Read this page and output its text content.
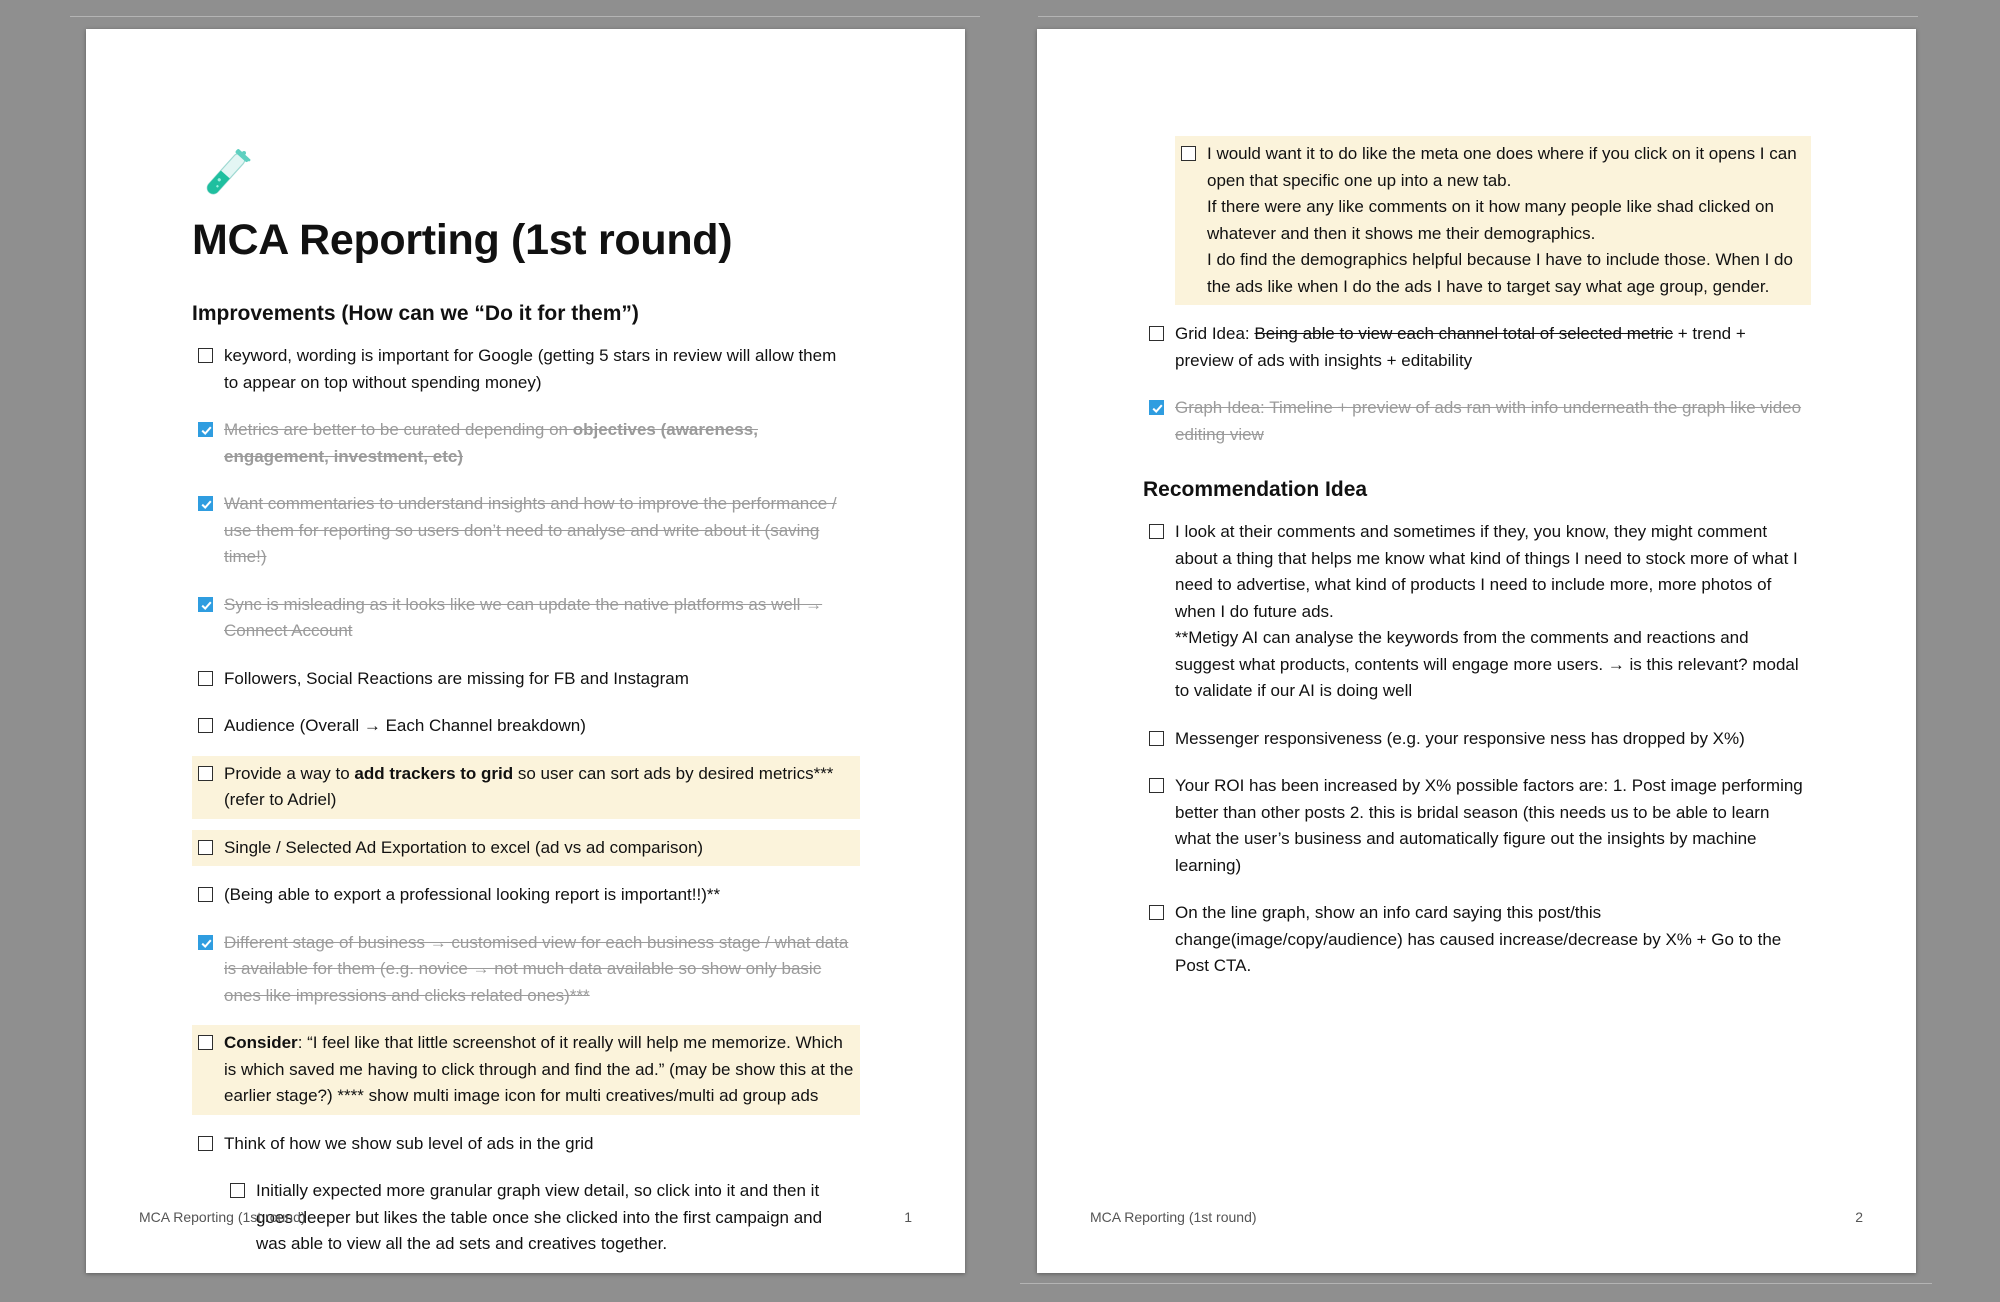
MCA Reporting (1st round)
Improvements (How can we “Do it for them”)
keyword, wording is important for Google (getting 5 stars in review will allow them to appear on top without spending money)
Metrics are better to be curated depending on objectives (awareness, engagement, investment, etc)
Want commentaries to understand insights and how to improve the performance / use them for reporting so users don’t need to analyse and write about it (saving time!)
Sync is misleading as it looks like we can update the native platforms as well → Connect Account
Followers, Social Reactions are missing for FB and Instagram
Audience (Overall → Each Channel breakdown)
Provide a way to add trackers to grid so user can sort ads by desired metrics*** (refer to Adriel)
Single / Selected Ad Exportation to excel (ad vs ad comparison)
(Being able to export a professional looking report is important!!)**
Different stage of business → customised view for each business stage / what data is available for them (e.g. novice → not much data available so show only basic ones like impressions and clicks related ones)***
Consider: “I feel like that little screenshot of it really will help me memorize. Which is which saved me having to click through and find the ad.” (may be show this at the earlier stage?) **** show multi image icon for multi creatives/multi ad group ads
Think of how we show sub level of ads in the grid
Initially expected more granular graph view detail, so click into it and then it goes deeper but likes the table once she clicked into the first campaign and was able to view all the ad sets and creatives together.
MCA Reporting (1st round)	1
I would want it to do like the meta one does where if you click on it opens I can open that specific one up into a new tab.
If there were any like comments on it how many people like shad clicked on whatever and then it shows me their demographics.
I do find the demographics helpful because I have to include those. When I do the ads like when I do the ads I have to target say what age group, gender.
Grid Idea: Being able to view each channel total of selected metric + trend + preview of ads with insights + editability
Graph Idea: Timeline + preview of ads ran with info underneath the graph like video editing view
Recommendation Idea
I look at their comments and sometimes if they, you know, they might comment about a thing that helps me know what kind of things I need to stock more of what I need to advertise, what kind of products I need to include more, more photos of when I do future ads.
**Metigy AI can analyse the keywords from the comments and reactions and suggest what products, contents will engage more users. → is this relevant? modal to validate if our AI is doing well
Messenger responsiveness (e.g. your responsive ness has dropped by X%)
Your ROI has been increased by X% possible factors are: 1. Post image performing better than other posts 2. this is bridal season (this needs us to be able to learn what the user’s business and automatically figure out the insights by machine learning)
On the line graph, show an info card saying this post/this change(image/copy/audience) has caused increase/decrease by X% + Go to the Post CTA.
MCA Reporting (1st round)	2
